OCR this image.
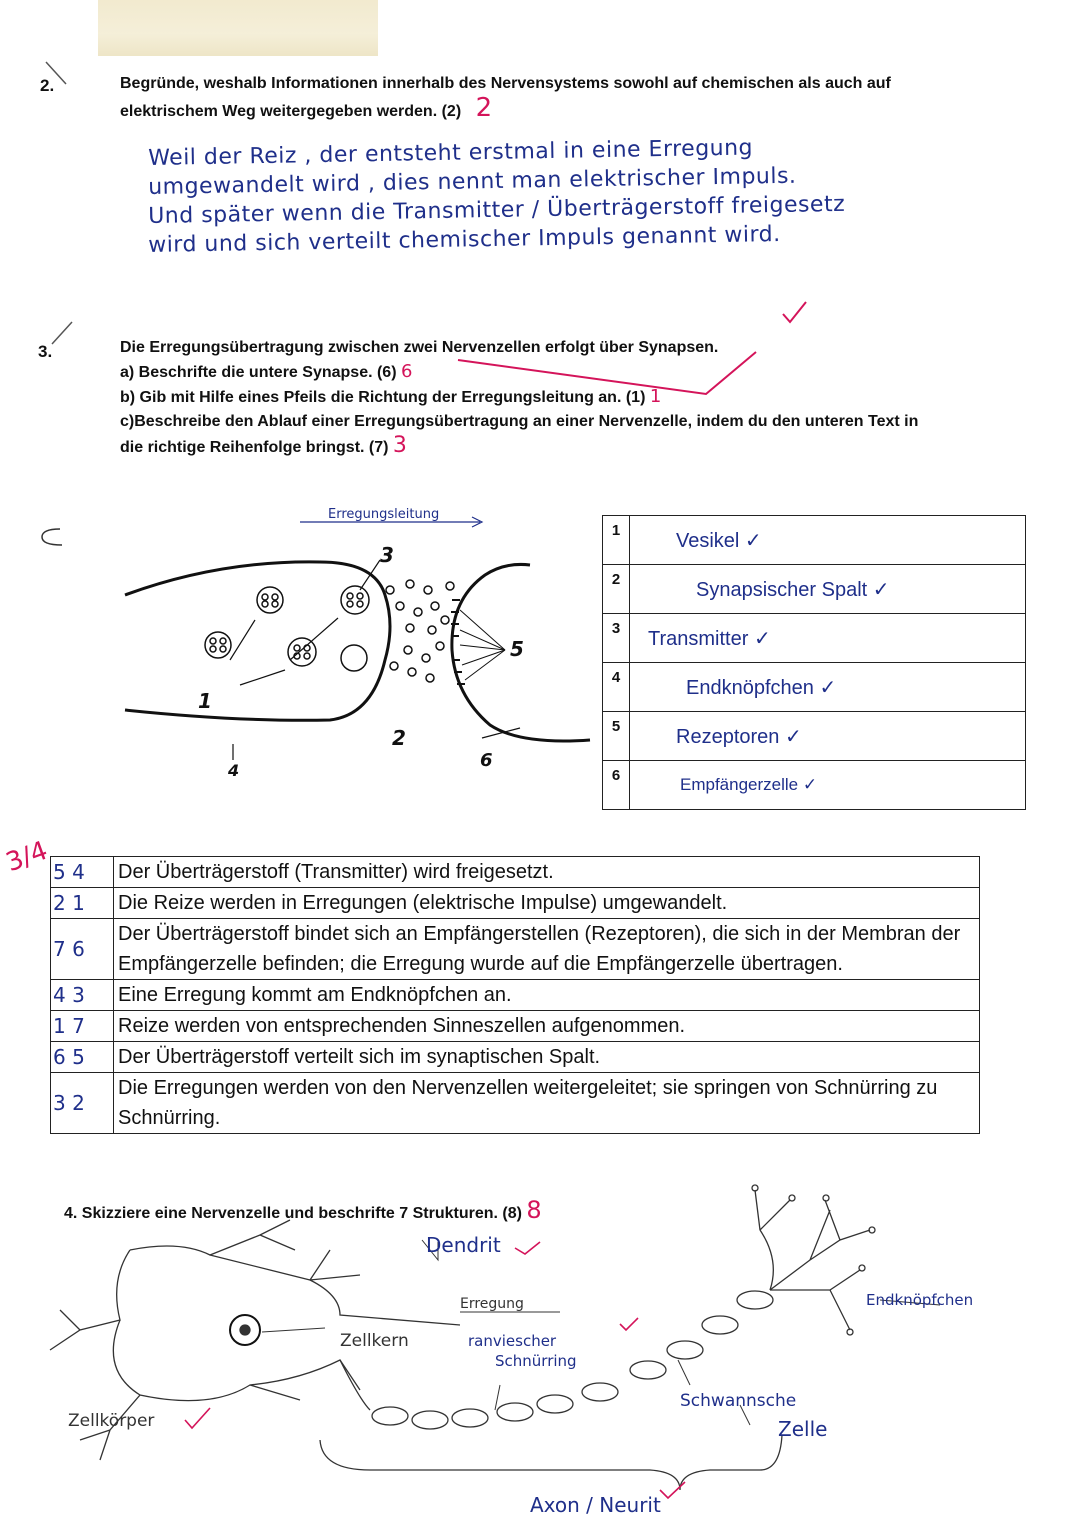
2.	Begründe, weshalb Informationen innerhalb des Nervensystems sowohl auf chemischen als auch auf
elektrischem Weg weitergegeben werden. (2) 2
Weil der Reiz , der entsteht erstmal in eine Erregung
umgewandelt wird , dies nennt man elektrischer Impuls.
Und später wenn die Transmitter / Überträgerstoff freigesetz
wird und sich verteilt chemischer Impuls genannt wird.
3.	Die Erregungsübertragung zwischen zwei Nervenzellen erfolgt über Synapsen.
a) Beschrifte die untere Synapse. (6) 6
b) Gib mit Hilfe eines Pfeils die Richtung der Erregungsleitung an. (1) 1
c)Beschreibe den Ablauf einer Erregungsübertragung an einer Nervenzelle, indem du den unteren Text in
die richtige Reihenfolge bringst. (7) 3
Erregungsleitung
1
2
3
4
5
6
1	Vesikel ✓
2	Synapsischer Spalt ✓
3	Transmitter ✓
4	Endknöpfchen ✓
5	Rezeptoren ✓
6	Empfängerzelle ✓
3/4 5 4	Der Überträgerstoff (Transmitter) wird freigesetzt.
2 1	Die Reize werden in Erregungen (elektrische Impulse) umgewandelt.
7 6	Der Überträgerstoff bindet sich an Empfängerstellen (Rezeptoren), die sich in der Membran der Empfängerzelle befinden; die Erregung wurde auf die Empfängerzelle übertragen.
4 3	Eine Erregung kommt am Endknöpfchen an.
1 7	Reize werden von entsprechenden Sinneszellen aufgenommen.
6 5	Der Überträgerstoff verteilt sich im synaptischen Spalt.
3 2	Die Erregungen werden von den Nervenzellen weitergeleitet; sie springen von Schnürring zu Schnürring.
4. Skizziere eine Nervenzelle und beschrifte 7 Strukturen. (8) 8
Dendrit
Erregung
Zellkern	ranviescher
Schnürring
Endknöpfchen
Schwannsche
Zelle
Zellkörper
Axon / Neurit
